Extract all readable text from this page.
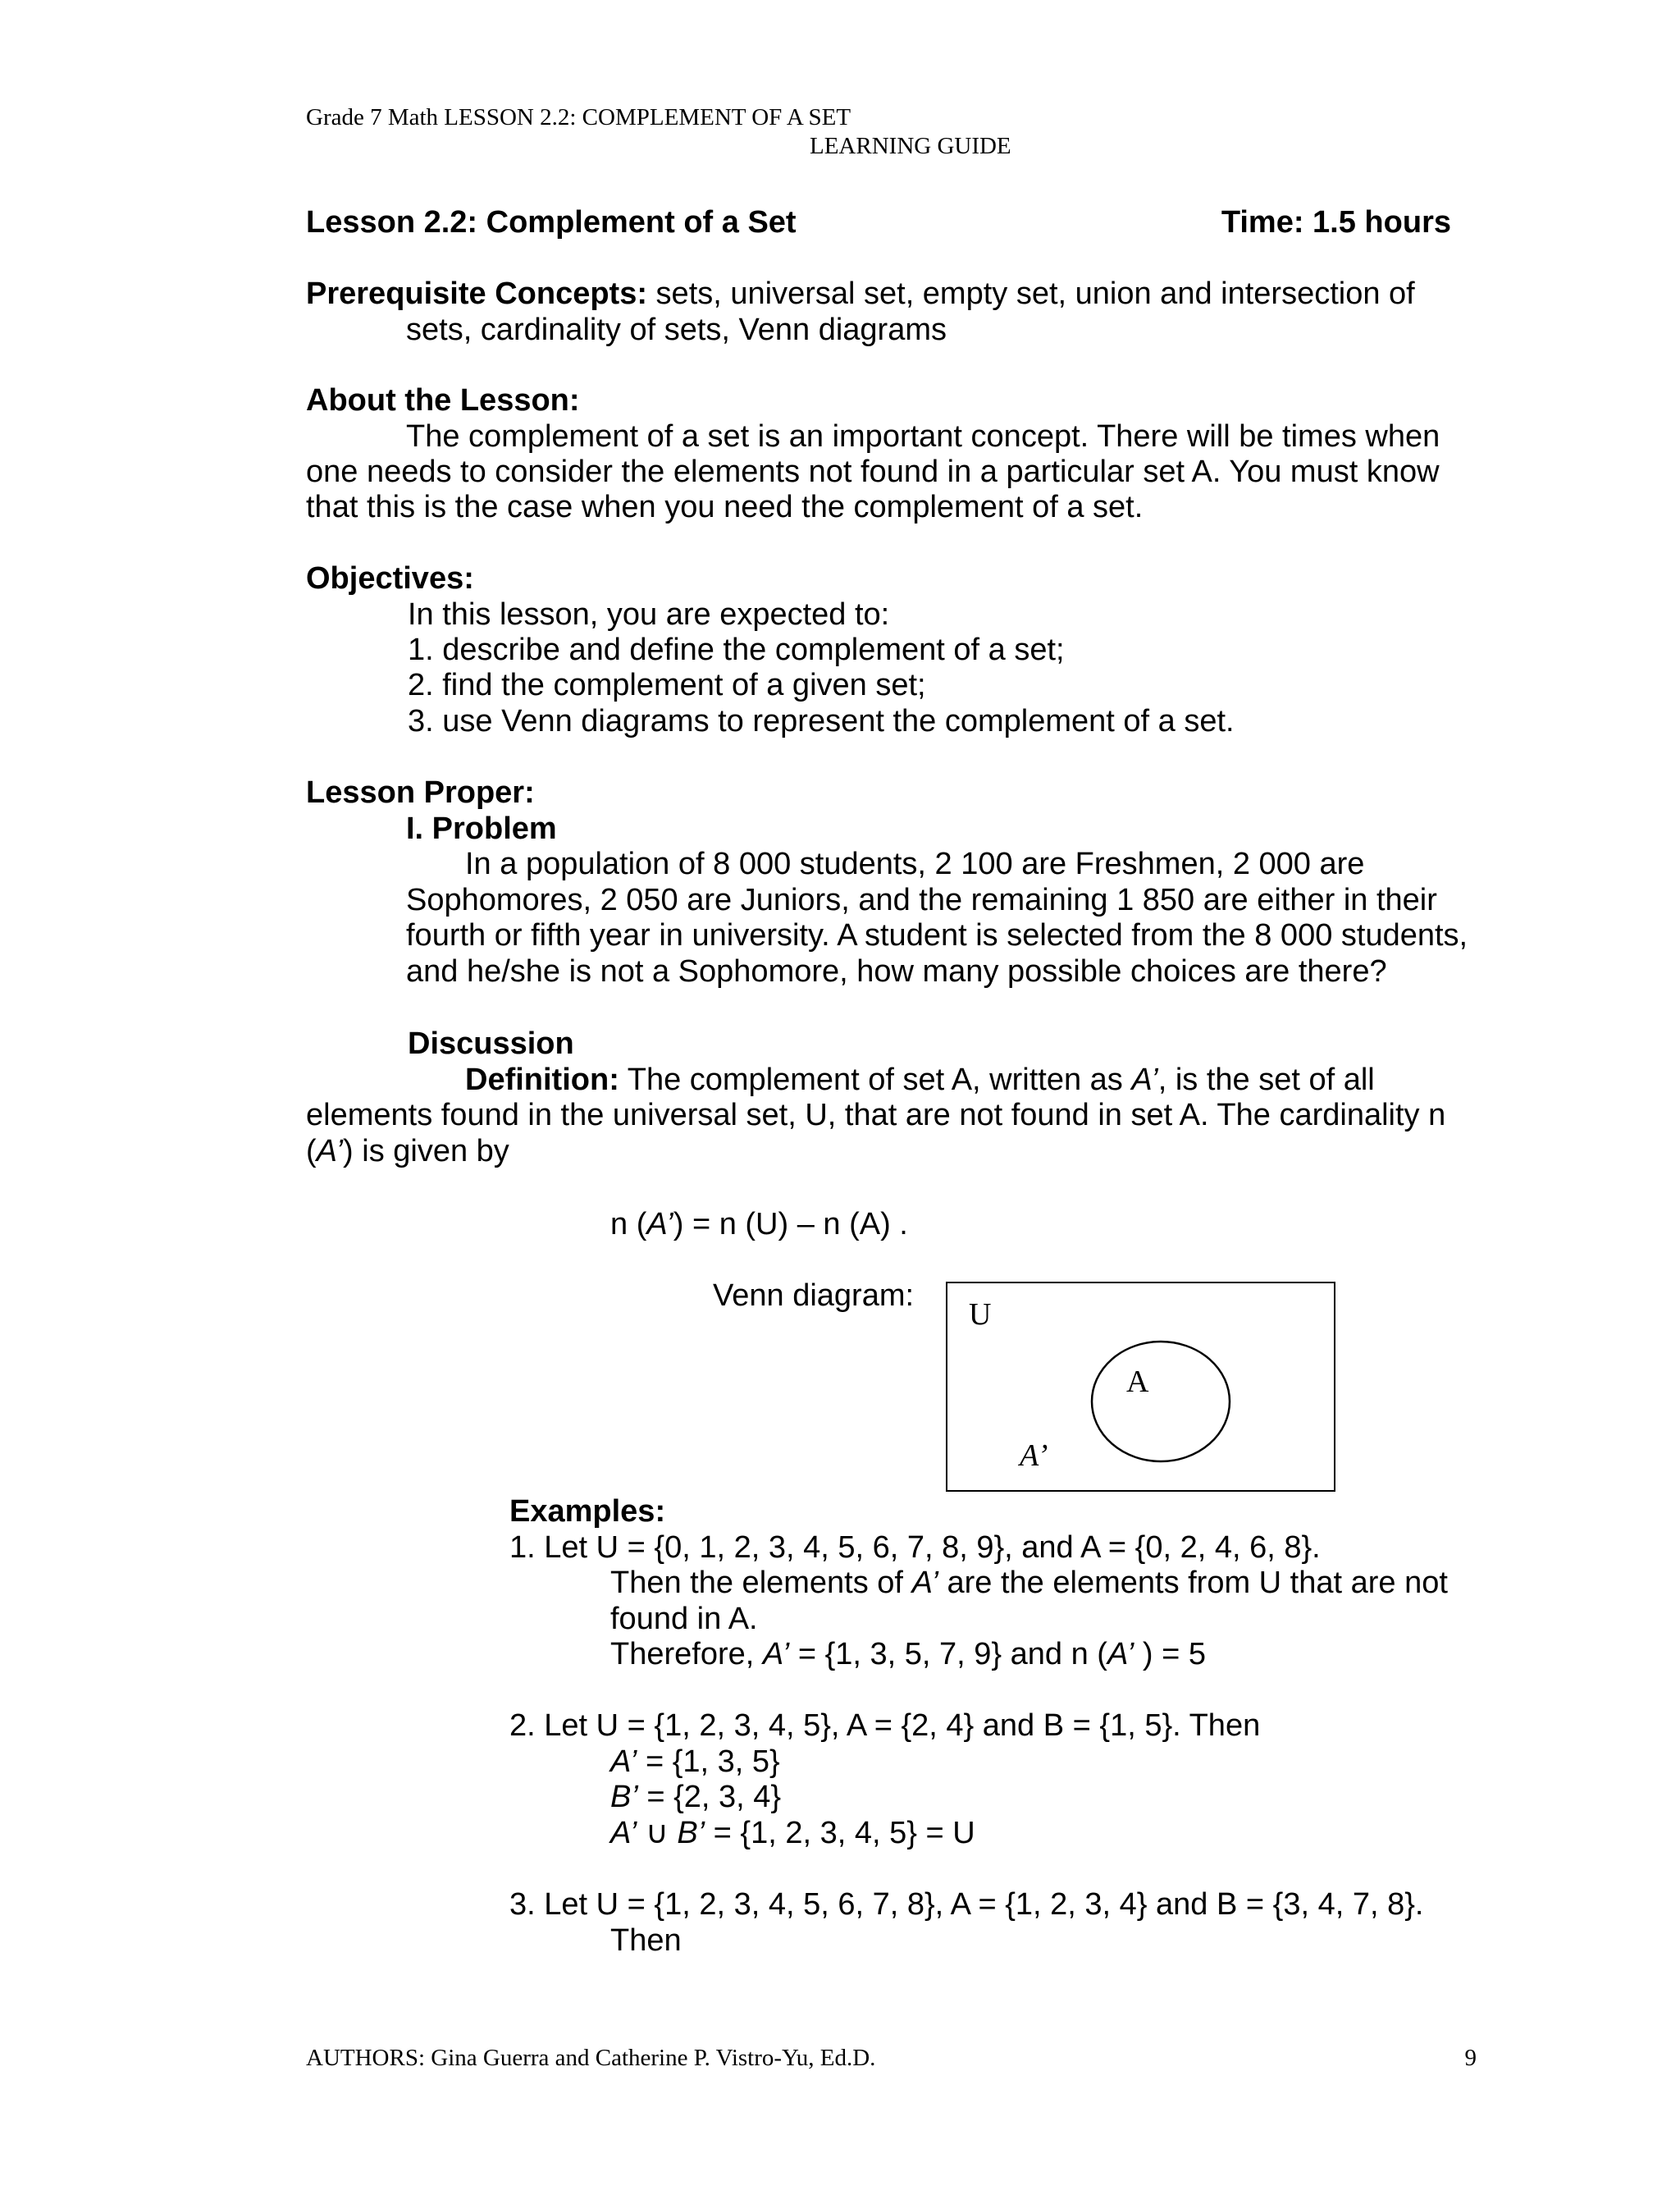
Grade 7 Math LESSON 2.2: COMPLEMENT OF A SET
LEARNING GUIDE
Lesson 2.2: Complement of a Set	Time: 1.5 hours
Prerequisite Concepts: sets, universal set, empty set, union and intersection of
sets, cardinality of sets, Venn diagrams
About the Lesson:
The complement of a set is an important concept. There will be times when
one needs to consider the elements not found in a particular set A. You must know
that this is the case when you need the complement of a set.
Objectives:
In this lesson, you are expected to:
1. describe and define the complement of a set;
2. find the complement of a given set;
3. use Venn diagrams to represent the complement of a set.
Lesson Proper:
I. Problem
In a population of 8 000 students, 2 100 are Freshmen, 2 000 are
Sophomores, 2 050 are Juniors, and the remaining 1 850 are either in their
fourth or fifth year in university. A student is selected from the 8 000 students,
and he/she is not a Sophomore, how many possible choices are there?
Discussion
Definition: The complement of set A, written as A’, is the set of all
elements found in the universal set, U, that are not found in set A. The cardinality n
(A’) is given by
n (A’) = n (U) – n (A) .
Venn diagram:
U
A
A’
Examples:
1. Let U = {0, 1, 2, 3, 4, 5, 6, 7, 8, 9}, and A = {0, 2, 4, 6, 8}.
Then the elements of A’ are the elements from U that are not
found in A.
Therefore, A’ = {1, 3, 5, 7, 9} and n (A’ ) = 5
2. Let U = {1, 2, 3, 4, 5}, A = {2, 4} and B = {1, 5}. Then
A’ = {1, 3, 5}
B’ = {2, 3, 4}
A’ ∪ B’ = {1, 2, 3, 4, 5} = U
3. Let U = {1, 2, 3, 4, 5, 6, 7, 8}, A = {1, 2, 3, 4} and B = {3, 4, 7, 8}.
Then
AUTHORS: Gina Guerra and Catherine P. Vistro-Yu, Ed.D.	9
